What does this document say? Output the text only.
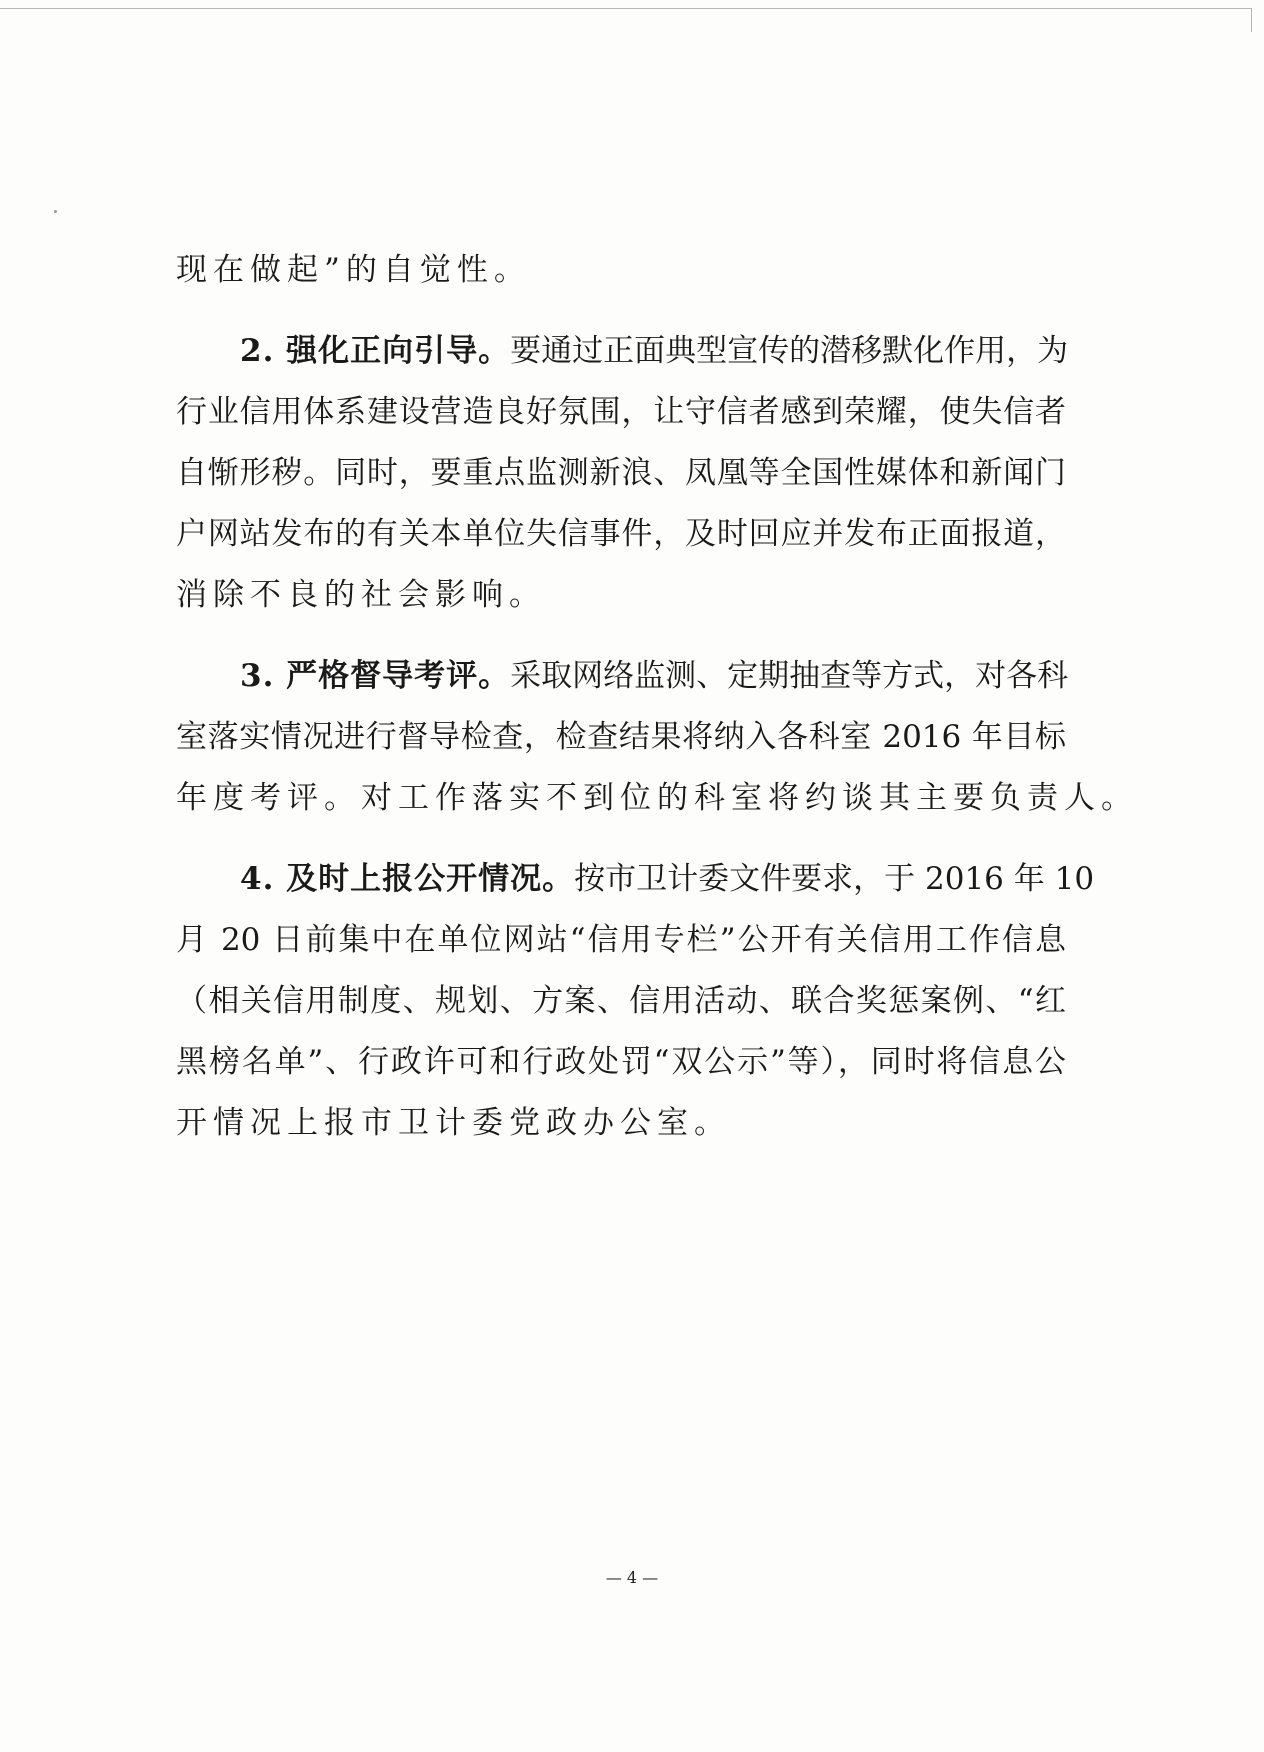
现在做起”的自觉性。
2. 强化正向引导。要通过正面典型宣传的潜移默化作用，为
行业信用体系建设营造良好氛围，让守信者感到荣耀，使失信者
自惭形秽。同时，要重点监测新浪、凤凰等全国性媒体和新闻门
户网站发布的有关本单位失信事件，及时回应并发布正面报道，
消除不良的社会影响。
3. 严格督导考评。采取网络监测、定期抽查等方式，对各科
室落实情况进行督导检查，检查结果将纳入各科室 2016 年目标
年度考评。对工作落实不到位的科室将约谈其主要负责人。
4. 及时上报公开情况。按市卫计委文件要求，于 2016 年 10
月 20 日前集中在单位网站“信用专栏”公开有关信用工作信息
（相关信用制度、规划、方案、信用活动、联合奖惩案例、“红
黑榜名单”、行政许可和行政处罚“双公示”等），同时将信息公
开情况上报市卫计委党政办公室。
— 4 —
